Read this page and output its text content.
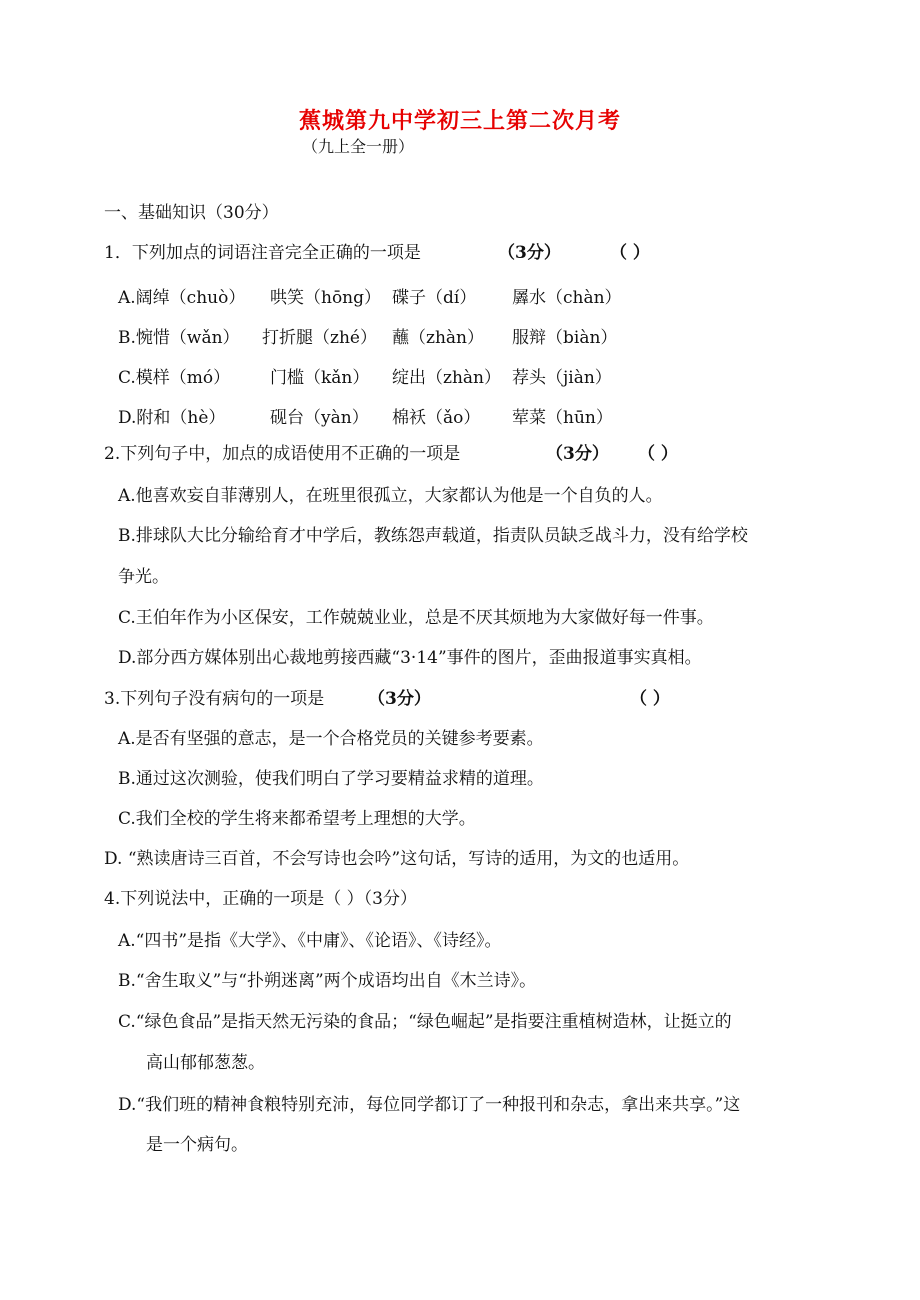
蕉城第九中学初三上第二次月考
（九上全一册）
一、基础知识（30分）
1．下列加点的词语注音完全正确的一项是	（3分）	（ ）
A.阔绰（chuò） 哄笑（hōng） 碟子（dí） 羼水（chàn）
B.惋惜（wǎn） 打折腿（zhé） 蘸（zhàn） 服辩（biàn）
C.模样（mó） 门槛（kǎn） 绽出（zhàn） 荐头（jiàn）
D.附和（hè）	砚台（yàn） 棉袄（ǎo） 荤菜（hūn）
2.下列句子中，加点的成语使用不正确的一项是	（3分） （ ）
A.他喜欢妄自菲薄别人，在班里很孤立，大家都认为他是一个自负的人。
B.排球队大比分输给育才中学后，教练怨声载道，指责队员缺乏战斗力，没有给学校
争光。
C.王伯年作为小区保安，工作兢兢业业，总是不厌其烦地为大家做好每一件事。
D.部分西方媒体别出心裁地剪接西藏“3·14”事件的图片，歪曲报道事实真相。
3.下列句子没有病句的一项是	（3分）	（ ）
A.是否有坚强的意志，是一个合格党员的关键参考要素。
B.通过这次测验，使我们明白了学习要精益求精的道理。
C.我们全校的学生将来都希望考上理想的大学。
D. “熟读唐诗三百首，不会写诗也会吟”这句话，写诗的适用，为文的也适用。
4.下列说法中，正确的一项是（ ）（3分）
A.“四书”是指《大学》、《中庸》、《论语》、《诗经》。
B.“舍生取义”与“扑朔迷离”两个成语均出自《木兰诗》。
C.“绿色食品”是指天然无污染的食品；“绿色崛起”是指要注重植树造林，让挺立的
高山郁郁葱葱。
D.“我们班的精神食粮特别充沛，每位同学都订了一种报刊和杂志，拿出来共享。”这
是一个病句。
